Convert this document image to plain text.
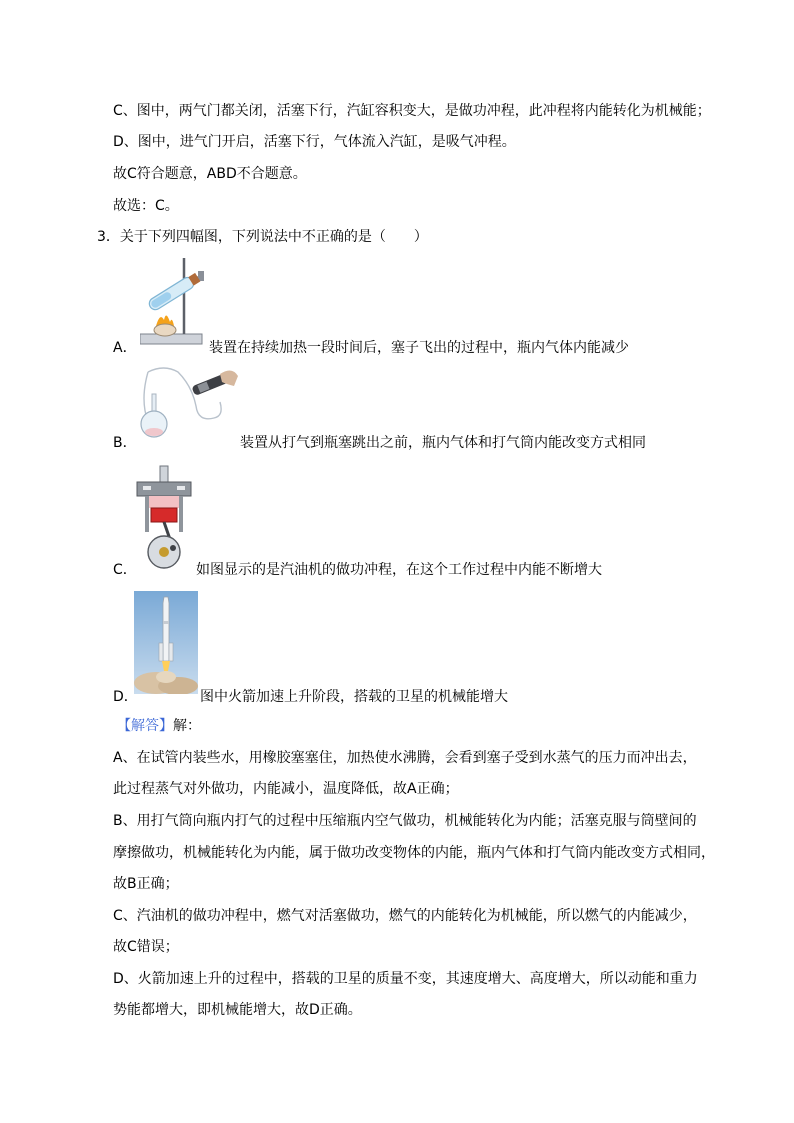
C、图中，两气门都关闭，活塞下行，汽缸容积变大，是做功冲程，此冲程将内能转化为机械能；
D、图中，进气门开启，活塞下行，气体流入汽缸，是吸气冲程。
故C符合题意，ABD不合题意。
故选：C。
3．关于下列四幅图，下列说法中不正确的是（　　）
A．	装置在持续加热一段时间后，塞子飞出的过程中，瓶内气体内能减少
B．	装置从打气到瓶塞跳出之前，瓶内气体和打气筒内能改变方式相同
C．	如图显示的是汽油机的做功冲程，在这个工作过程中内能不断增大
D．	图中火箭加速上升阶段，搭载的卫星的机械能增大
【解答】解：
A、在试管内装些水，用橡胶塞塞住，加热使水沸腾，会看到塞子受到水蒸气的压力而冲出去，
此过程蒸气对外做功，内能减小，温度降低，故A正确；
B、用打气筒向瓶内打气的过程中压缩瓶内空气做功，机械能转化为内能；活塞克服与筒壁间的
摩擦做功，机械能转化为内能，属于做功改变物体的内能，瓶内气体和打气筒内能改变方式相同，
故B正确；
C、汽油机的做功冲程中，燃气对活塞做功，燃气的内能转化为机械能，所以燃气的内能减少，
故C错误；
D、火箭加速上升的过程中，搭载的卫星的质量不变，其速度增大、高度增大，所以动能和重力
势能都增大，即机械能增大，故D正确。
